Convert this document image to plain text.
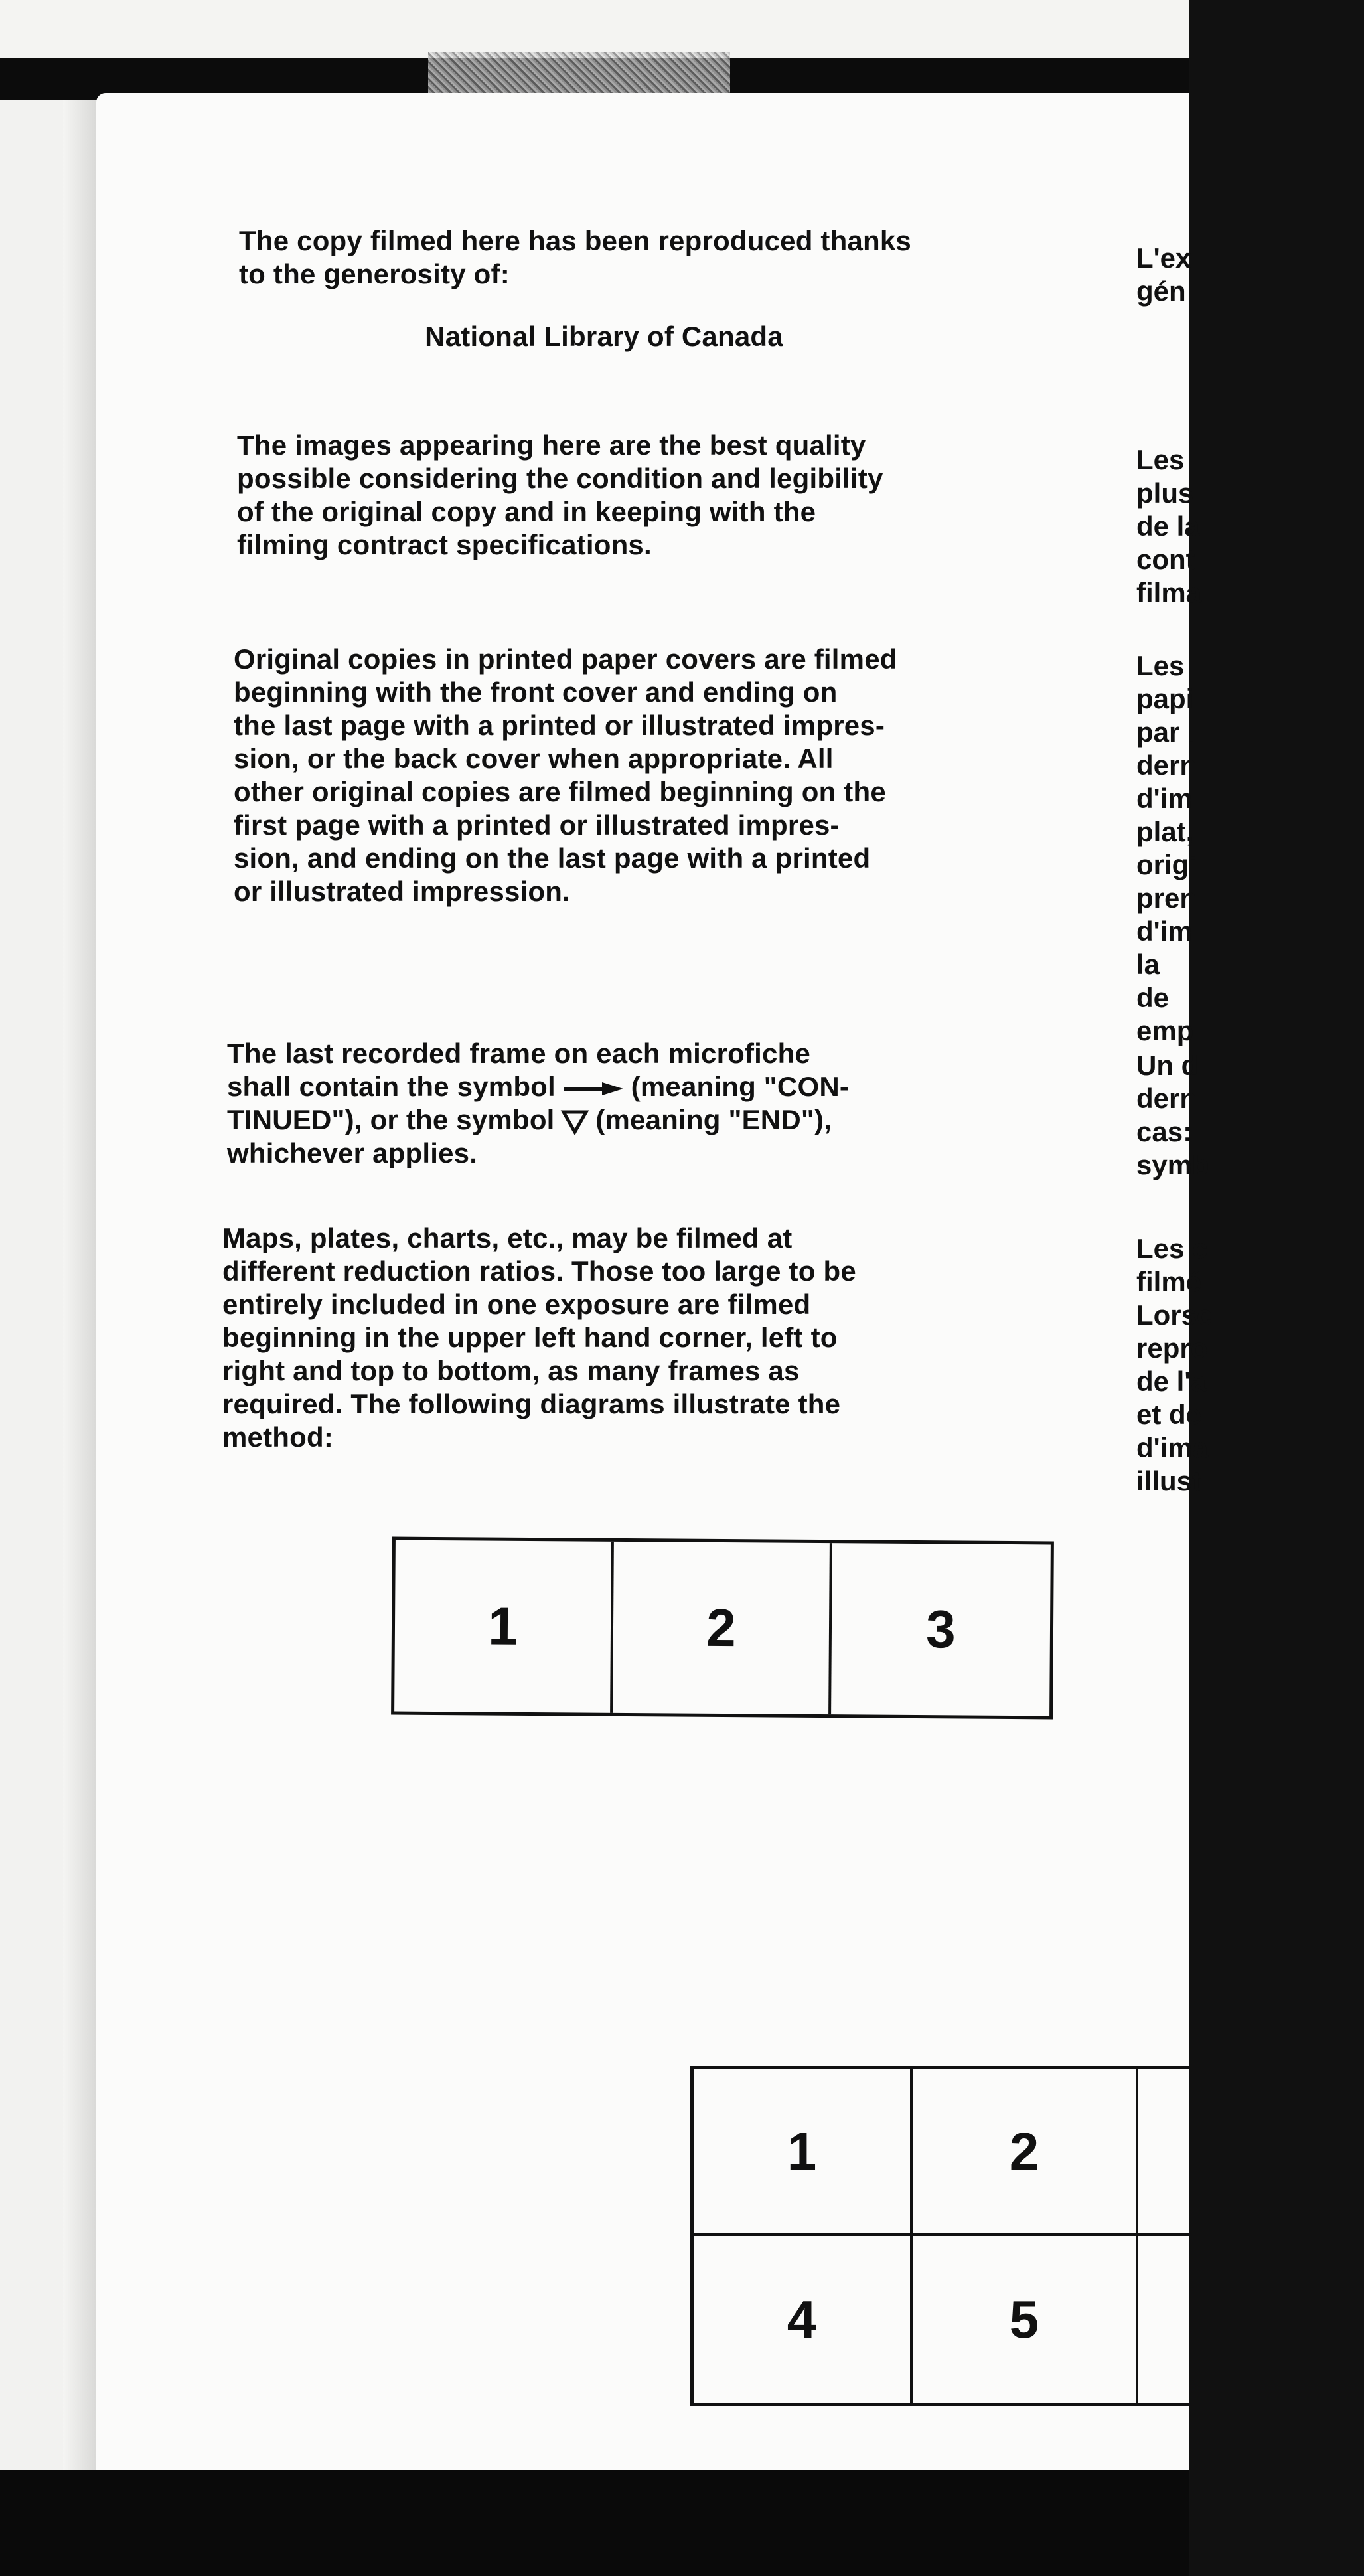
The copy filmed here has been reproduced thanks
to the generosity of:
National Library of Canada
The images appearing here are the best quality
possible considering the condition and legibility
of the original copy and in keeping with the
filming contract specifications.
Original copies in printed paper covers are filmed
beginning with the front cover and ending on
the last page with a printed or illustrated impres-
sion, or the back cover when appropriate. All
other original copies are filmed beginning on the
first page with a printed or illustrated impres-
sion, and ending on the last page with a printed
or illustrated impression.
The last recorded frame on each microfiche
shall contain the symbol	(meaning "CON-
TINUED"), or the symbol (meaning "END"),
whichever applies.
Maps, plates, charts, etc., may be filmed at
different reduction ratios. Those too large to be
entirely included in one exposure are filmed
beginning in the upper left hand corner, left to
right and top to bottom, as many frames as
required. The following diagrams illustrate the
method:
L'ex
gén
Les
plus
de la
cont
filma
Les
papi
par l
dern
d'im
plat,
origi
pren
d'im
la de
emp
Un d
dern
cas:
symb
Les c
filmé
Lorsc
repro
de l'a
et de
d'ima
illust
1	2	3
1	2
4	5
